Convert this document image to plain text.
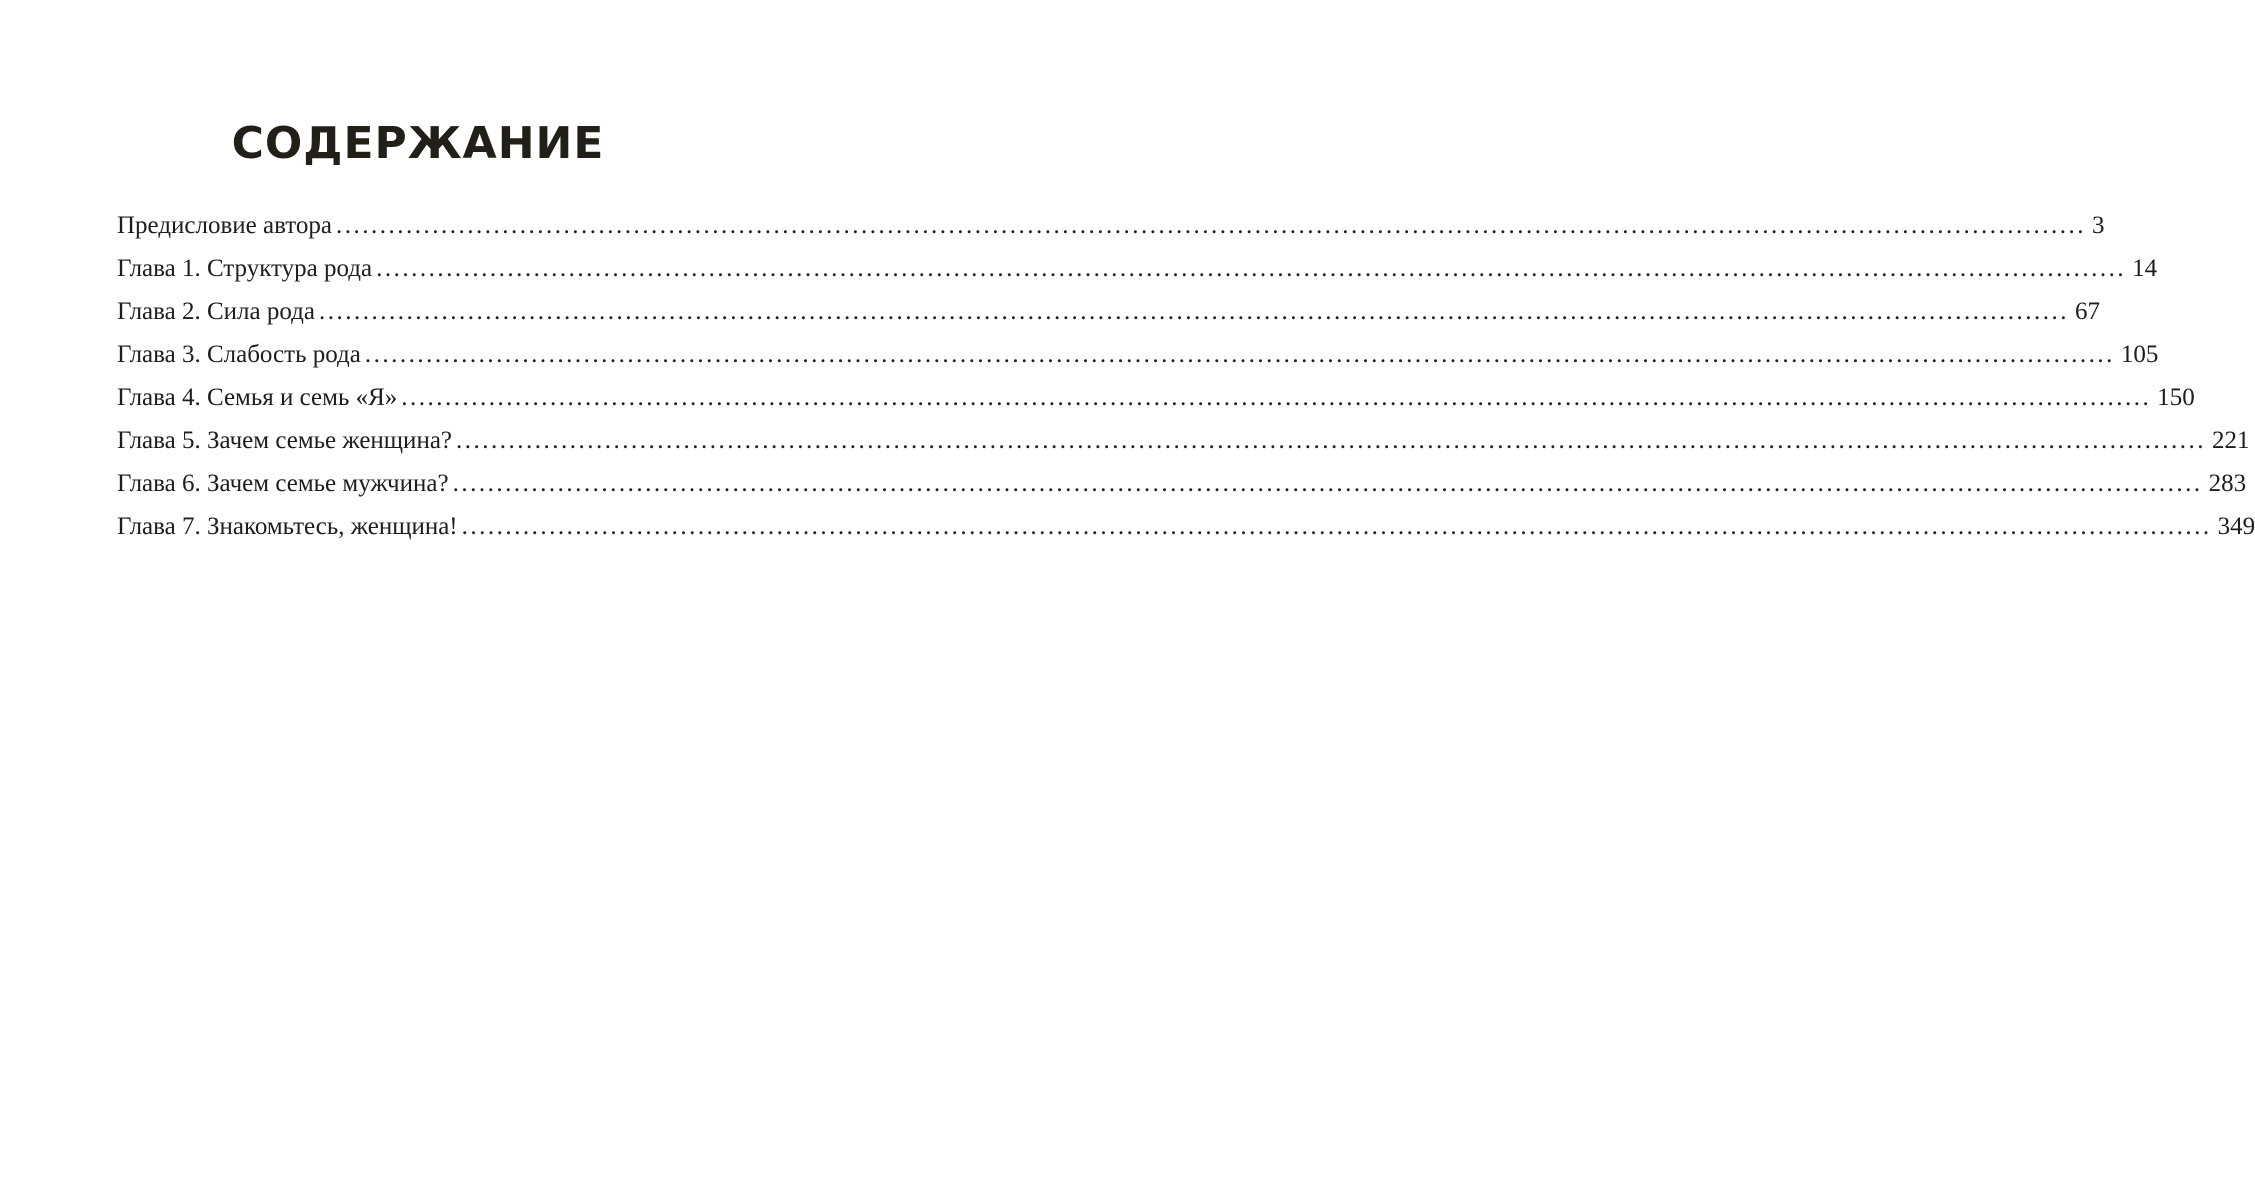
СОДЕРЖАНИЕ
Предисловие автора ........................................................................................................................................................................................................ 3
Глава 1. Структура рода ........................................................................................................................................................................................................ 14
Глава 2. Сила рода ........................................................................................................................................................................................................ 67
Глава 3. Слабость рода ........................................................................................................................................................................................................ 105
Глава 4. Семья и семь «Я» ........................................................................................................................................................................................................ 150
Глава 5. Зачем семье женщина? ........................................................................................................................................................................................................ 221
Глава 6. Зачем семье мужчина? ........................................................................................................................................................................................................ 283
Глава 7. Знакомьтесь, женщина! ........................................................................................................................................................................................................ 349
